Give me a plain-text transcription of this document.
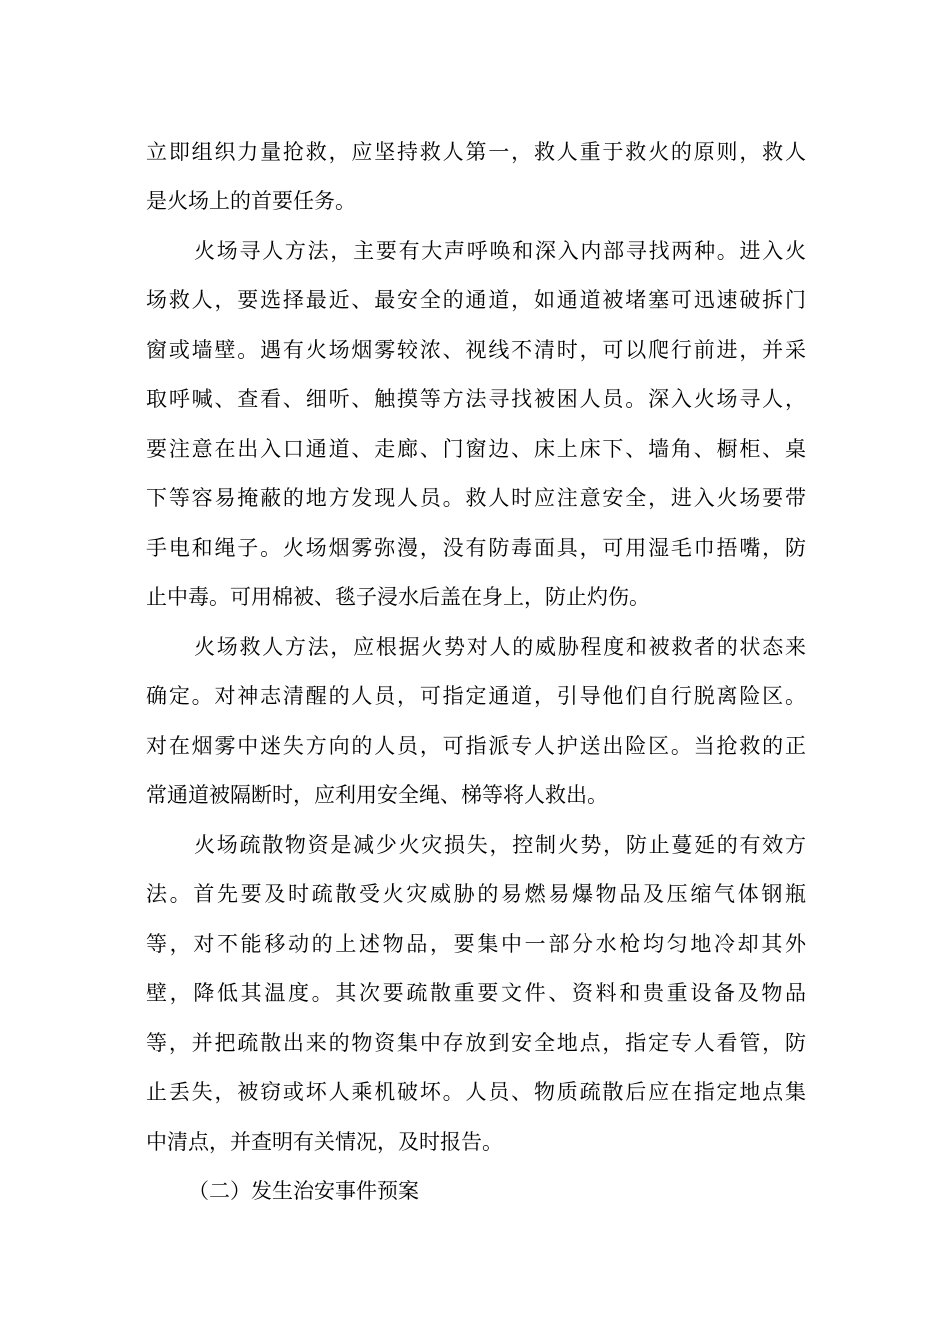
立即组织力量抢救，应坚持救人第一，救人重于救火的原则，救人
是火场上的首要任务。
火场寻人方法，主要有大声呼唤和深入内部寻找两种。进入火
场救人，要选择最近、最安全的通道，如通道被堵塞可迅速破拆门
窗或墙壁。遇有火场烟雾较浓、视线不清时，可以爬行前进，并采
取呼喊、查看、细听、触摸等方法寻找被困人员。深入火场寻人，
要注意在出入口通道、走廊、门窗边、床上床下、墙角、橱柜、桌
下等容易掩蔽的地方发现人员。救人时应注意安全，进入火场要带
手电和绳子。火场烟雾弥漫，没有防毒面具，可用湿毛巾捂嘴，防
止中毒。可用棉被、毯子浸水后盖在身上，防止灼伤。
火场救人方法，应根据火势对人的威胁程度和被救者的状态来
确定。对神志清醒的人员，可指定通道，引导他们自行脱离险区。
对在烟雾中迷失方向的人员，可指派专人护送出险区。当抢救的正
常通道被隔断时，应利用安全绳、梯等将人救出。
火场疏散物资是减少火灾损失，控制火势，防止蔓延的有效方
法。首先要及时疏散受火灾威胁的易燃易爆物品及压缩气体钢瓶
等，对不能移动的上述物品，要集中一部分水枪均匀地冷却其外
壁，降低其温度。其次要疏散重要文件、资料和贵重设备及物品
等，并把疏散出来的物资集中存放到安全地点，指定专人看管，防
止丢失，被窃或坏人乘机破坏。人员、物质疏散后应在指定地点集
中清点，并查明有关情况，及时报告。
（二）发生治安事件预案
